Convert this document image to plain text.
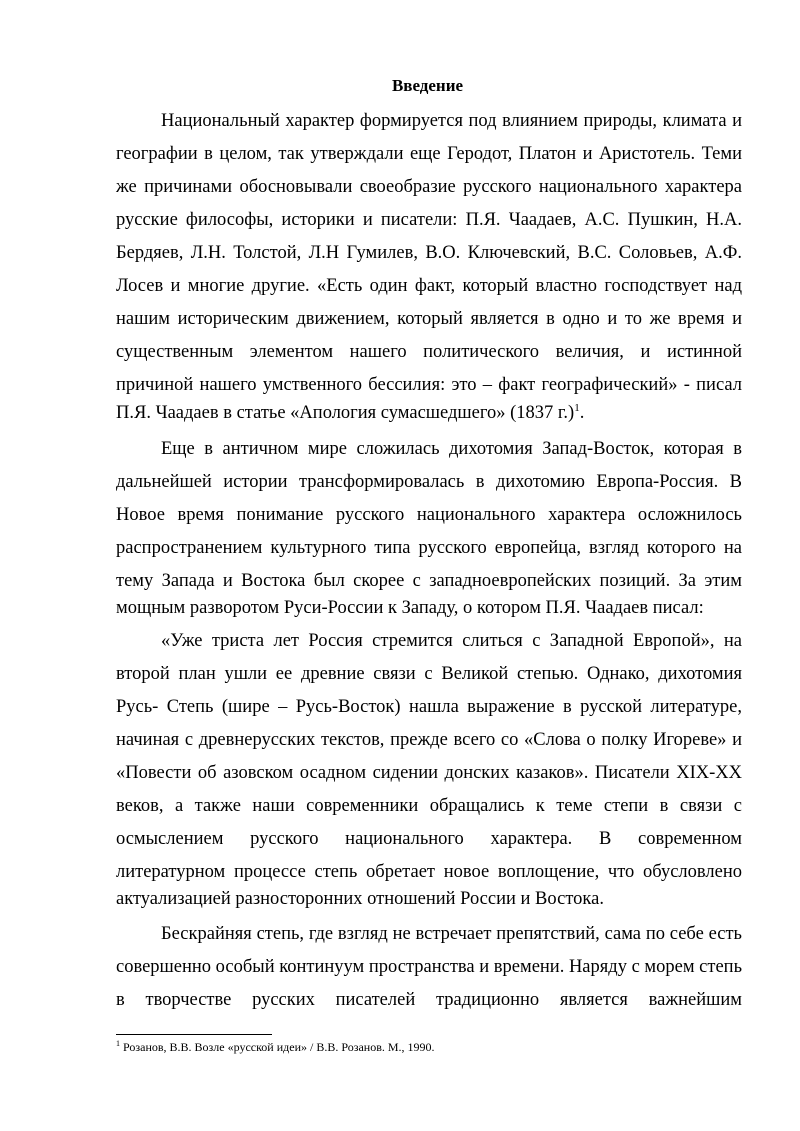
Введение
Национальный характер формируется под влиянием природы, климата и
географии в целом, так утверждали еще Геродот, Платон и Аристотель. Теми
же причинами обосновывали своеобразие русского национального характера
русские философы, историки и писатели: П.Я. Чаадаев, А.С. Пушкин, Н.А.
Бердяев, Л.Н. Толстой, Л.Н Гумилев, В.О. Ключевский, В.С. Соловьев, А.Ф.
Лосев и многие другие. «Есть один факт, который властно господствует над
нашим историческим движением, который является в одно и то же время и
существенным элементом нашего политического величия, и истинной
причиной нашего умственного бессилия: это – факт географический» - писал
П.Я. Чаадаев в статье «Апология сумасшедшего» (1837 г.)$^1$.
Еще в античном мире сложилась дихотомия Запад-Восток, которая в
дальнейшей истории трансформировалась в дихотомию Европа-Россия. В
Новое время понимание русского национального характера осложнилось
распространением культурного типа русского европейца, взгляд которого на
тему Запада и Востока был скорее с западноевропейских позиций. За этим
мощным разворотом Руси-России к Западу, о котором П.Я. Чаадаев писал:
«Уже триста лет Россия стремится слиться с Западной Европой», на
второй план ушли ее древние связи с Великой степью. Однако, дихотомия
Русь- Степь (шире – Русь-Восток) нашла выражение в русской литературе,
начиная с древнерусских текстов, прежде всего со «Слова о полку Игореве» и
«Повести об азовском осадном сидении донских казаков». Писатели XIX-XX
веков, а также наши современники обращались к теме степи в связи с
осмыслением русского национального характера. В современном
литературном процессе степь обретает новое воплощение, что обусловлено
актуализацией разносторонних отношений России и Востока.
Бескрайняя степь, где взгляд не встречает препятствий, сама по себе есть
совершенно особый континуум пространства и времени. Наряду с морем степь
в творчестве русских писателей традиционно является важнейшим
$^1$ Розанов, В.В. Возле «русской идеи» / В.В. Розанов. М., 1990.
